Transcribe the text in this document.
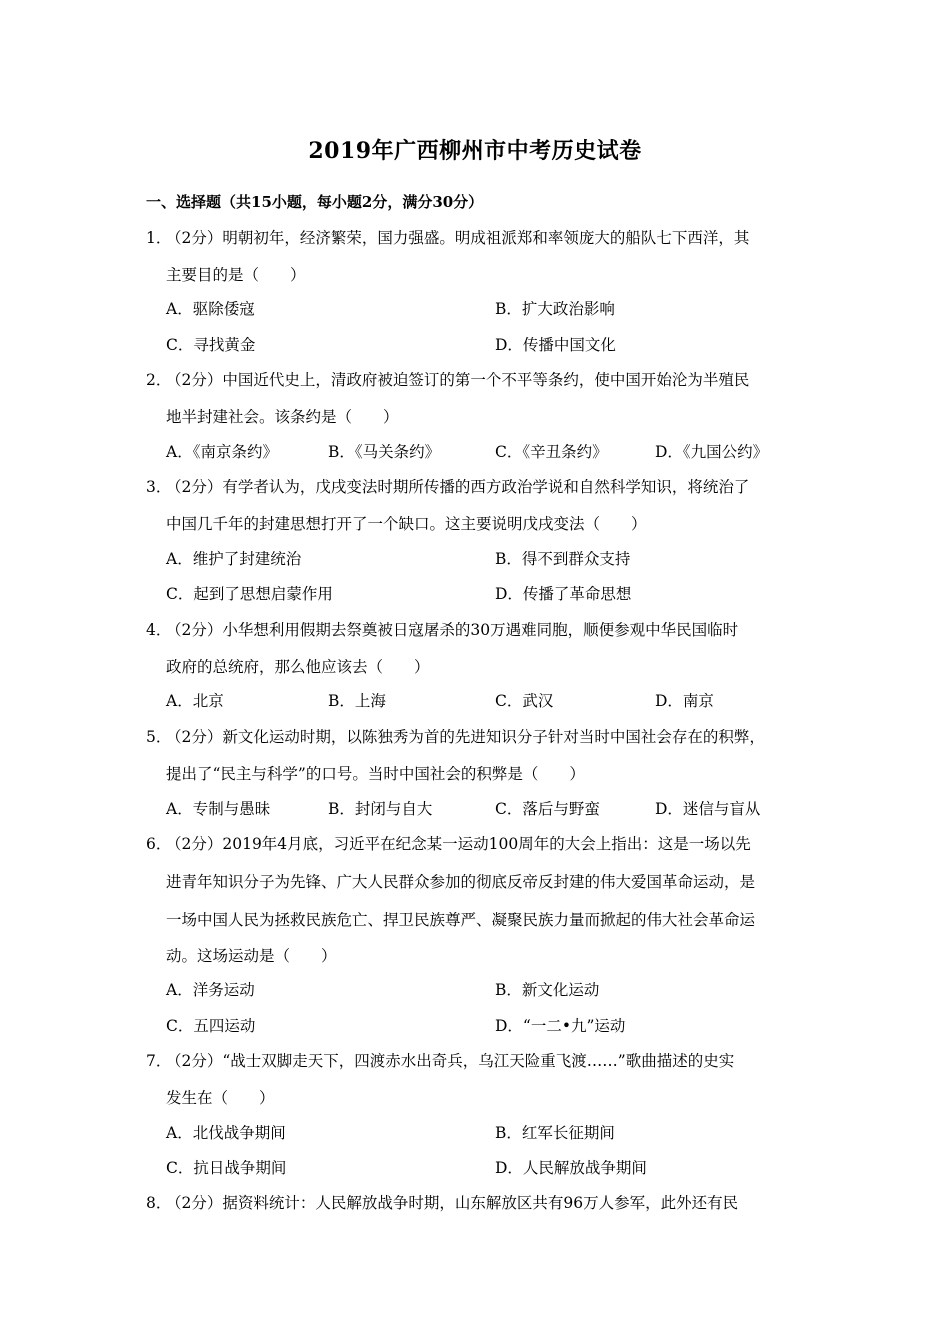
2019年广西柳州市中考历史试卷
一、选择题（共15小题，每小题2分，满分30分）
1．
（2分）明朝初年，经济繁荣，国力强盛。明成祖派郑和率领庞大的船队七下西洋，其
主要目的是（　　）
A．驱除倭寇	B．扩大政治影响
C．寻找黄金	D．传播中国文化
2．
（2分）中国近代史上，清政府被迫签订的第一个不平等条约，使中国开始沦为半殖民
地半封建社会。该条约是（　　）
A．《南京条约》	B．《马关条约》	C．《辛丑条约》	D．《九国公约》
3．
（2分）有学者认为，戊戌变法时期所传播的西方政治学说和自然科学知识，将统治了
中国几千年的封建思想打开了一个缺口。这主要说明戊戌变法（　　）
A．维护了封建统治	B．得不到群众支持
C．起到了思想启蒙作用	D．传播了革命思想
4．
（2分）小华想利用假期去祭奠被日寇屠杀的30万遇难同胞，顺便参观中华民国临时
政府的总统府，那么他应该去（　　）
A．北京	B．上海	C．武汉	D．南京
5．
（2分）新文化运动时期，以陈独秀为首的先进知识分子针对当时中国社会存在的积弊，
提出了“民主与科学”的口号。当时中国社会的积弊是（　　）
A．专制与愚昧	B．封闭与自大	C．落后与野蛮	D．迷信与盲从
6．
（2分）2019年4月底，习近平在纪念某一运动100周年的大会上指出：这是一场以先
进青年知识分子为先锋、广大人民群众参加的彻底反帝反封建的伟大爱国革命运动，是
一场中国人民为拯救民族危亡、捍卫民族尊严、凝聚民族力量而掀起的伟大社会革命运
动。这场运动是（　　）
A．洋务运动	B．新文化运动
C．五四运动	D．“一二•九”运动
7．
（2分）“战士双脚走天下，四渡赤水出奇兵，乌江天险重飞渡……”歌曲描述的史实
发生在（　　）
A．北伐战争期间	B．红军长征期间
C．抗日战争期间	D．人民解放战争期间
8．
（2分）据资料统计：人民解放战争时期，山东解放区共有96万人参军，此外还有民
